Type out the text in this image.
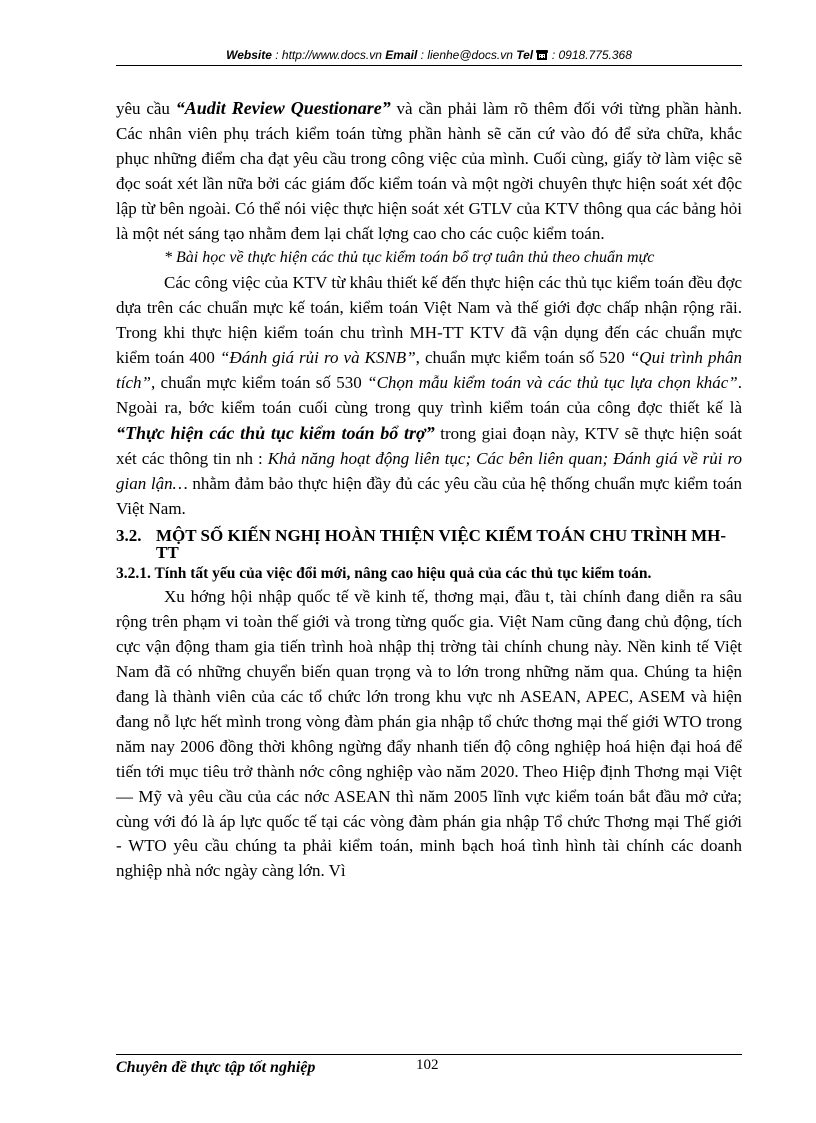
Website : http://www.docs.vn Email : lienhe@docs.vn Tel  : 0918.775.368

yêu cầu “Audit Review Questionare” và cần phải làm rõ thêm đối với từng phần hành. Các nhân viên phụ trách kiểm toán từng phần hành sẽ căn cứ vào đó để sửa chữa, khắc phục những điểm cha đạt yêu cầu trong công việc của mình. Cuối cùng, giấy tờ làm việc sẽ đọc soát xét lần nữa bởi các giám đốc kiểm toán và một ngời chuyên thực hiện soát xét độc lập từ bên ngoài. Có thể nói việc thực hiện soát xét GTLV của KTV thông qua các bảng hỏi là một nét sáng tạo nhằm đem lại chất lợng cao cho các cuộc kiểm toán.

* Bài học về thực hiện các thủ tục kiểm toán bổ trợ tuân thủ theo chuẩn mực

Các công việc của KTV từ khâu thiết kế đến thực hiện các thủ tục kiểm toán đều đợc dựa trên các chuẩn mực kế toán, kiểm toán Việt Nam và thế giới đợc chấp nhận rộng rãi. Trong khi thực hiện kiểm toán chu trình MH-TT KTV đã vận dụng đến các chuẩn mực kiểm toán 400 “Đánh giá rủi ro và KSNB”, chuẩn mực kiểm toán số 520 “Qui trình phân tích”, chuẩn mực kiểm toán số 530 “Chọn mẫu kiểm toán và các thủ tục lựa chọn khác”. Ngoài ra, bớc kiểm toán cuối cùng trong quy trình kiểm toán của công đợc thiết kế là “Thực hiện các thủ tục kiểm toán bổ trợ” trong giai đoạn này, KTV sẽ thực hiện soát xét các thông tin nh : Khả năng hoạt động liên tục; Các bên liên quan; Đánh giá về rủi ro gian lận… nhằm đảm bảo thực hiện đầy đủ các yêu cầu của hệ thống chuẩn mực kiểm toán Việt Nam.

3.2. MỘT SỐ KIẾN NGHỊ HOÀN THIỆN VIỆC KIỂM TOÁN CHU TRÌNH MH-TT
3.2.1. Tính tất yếu của việc đổi mới, nâng cao hiệu quả của các thủ tục kiểm toán.

Xu hớng hội nhập quốc tế về kinh tế, thơng mại, đầu t, tài chính đang diễn ra sâu rộng trên phạm vi toàn thế giới và trong từng quốc gia. Việt Nam cũng đang chủ động, tích cực vận động tham gia tiến trình hoà nhập thị trờng tài chính chung này. Nền kinh tế Việt Nam đã có những chuyển biến quan trọng và to lớn trong những năm qua. Chúng ta hiện đang là thành viên của các tổ chức lớn trong khu vực nh ASEAN, APEC, ASEM và hiện đang nỗ lực hết mình trong vòng đàm phán gia nhập tổ chức thơng mại thế giới WTO trong năm nay 2006 đồng thời không ngừng đẩy nhanh tiến độ công nghiệp hoá hiện đại hoá để tiến tới mục tiêu trở thành nớc công nghiệp vào năm 2020. Theo Hiệp định Thơng mại Việt — Mỹ và yêu cầu của các nớc ASEAN thì năm 2005 lĩnh vực kiểm toán bắt đầu mở cửa; cùng với đó là áp lực quốc tế tại các vòng đàm phán gia nhập Tổ chức Thơng mại Thế giới - WTO yêu cầu chúng ta phải kiểm toán, minh bạch hoá tình hình tài chính các doanh nghiệp nhà nớc ngày càng lớn. Vì

Chuyên đề thực tập tốt nghiệp	102
